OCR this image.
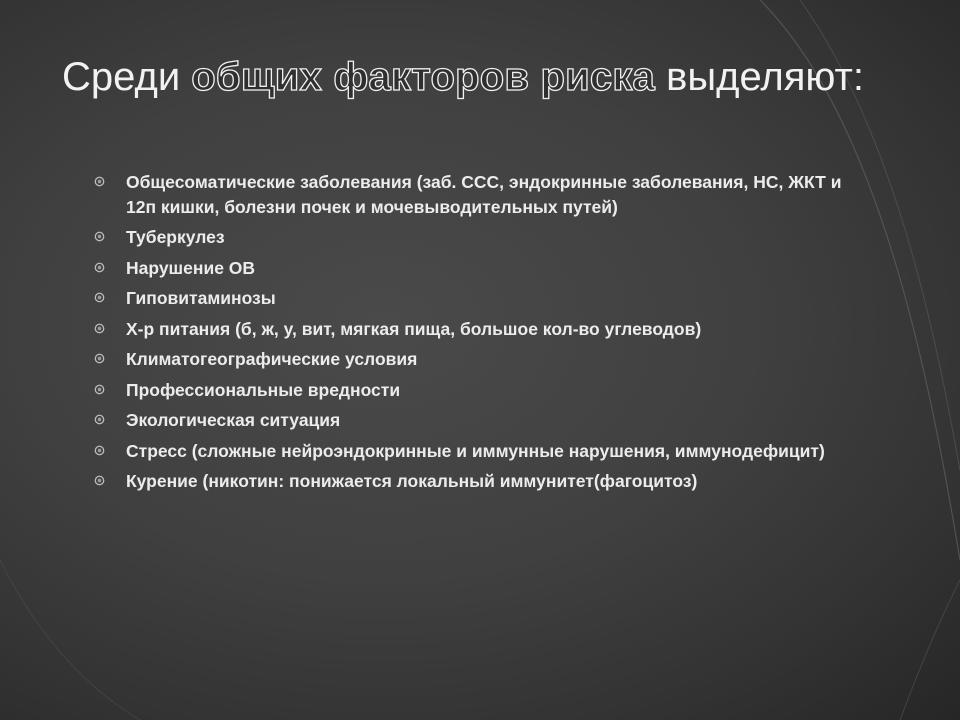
Среди общих факторов риска выделяют:
Общесоматические заболевания (заб. ССС, эндокринные заболевания, НС, ЖКТ и 12п кишки, болезни почек и мочевыводительных путей)
Туберкулез
Нарушение ОВ
Гиповитаминозы
Х-р питания (б, ж, у, вит, мягкая пища, большое кол-во углеводов)
Климатогеографические условия
Профессиональные вредности
Экологическая ситуация
Стресс (сложные нейроэндокринные и иммунные нарушения, иммунодефицит)
Курение (никотин: понижается локальный иммунитет(фагоцитоз)
